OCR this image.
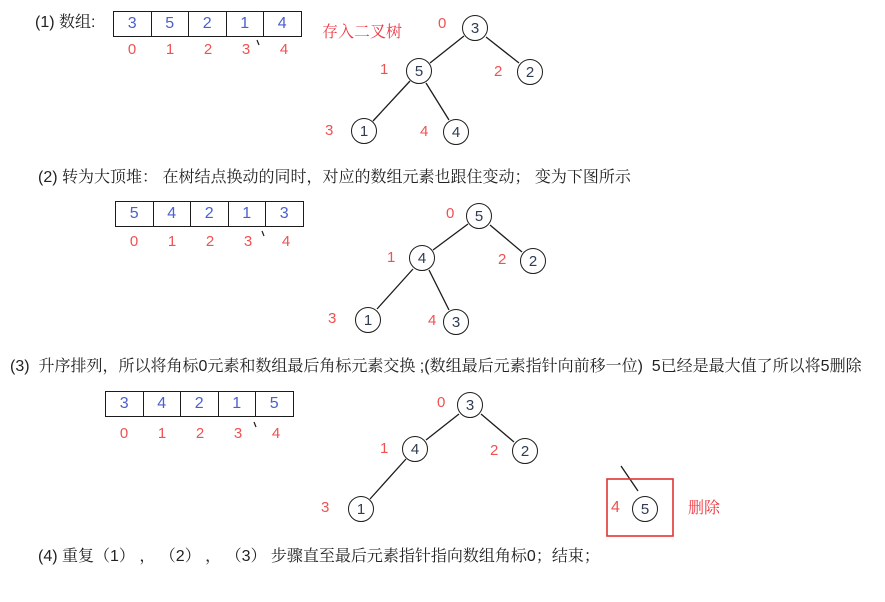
(1) 数组:	3	5	2	1	4
0	1	2	3	4
存入二叉树	3
5	2
1	4
0
1	2
3	4
(2) 转为大顶堆： 在树结点换动的同时，对应的数组元素也跟住变动； 变为下图所示
5	4	2	1	3
0	1	2	3	4
5
4	2
1	3
0
1	2
3	4
(3)  升序排列，所以将角标0元素和数组最后角标元素交换 ;(数组最后元素指针向前移一位)  5已经是最大值了所以将5删除
3	4	2	1	5
0	1	2	3	4
3
4	2
1
0
1	2
3	5
4	删除
(4) 重复（1） ， （2） ， （3） 步骤直至最后元素指针指向数组角标0；结束；
